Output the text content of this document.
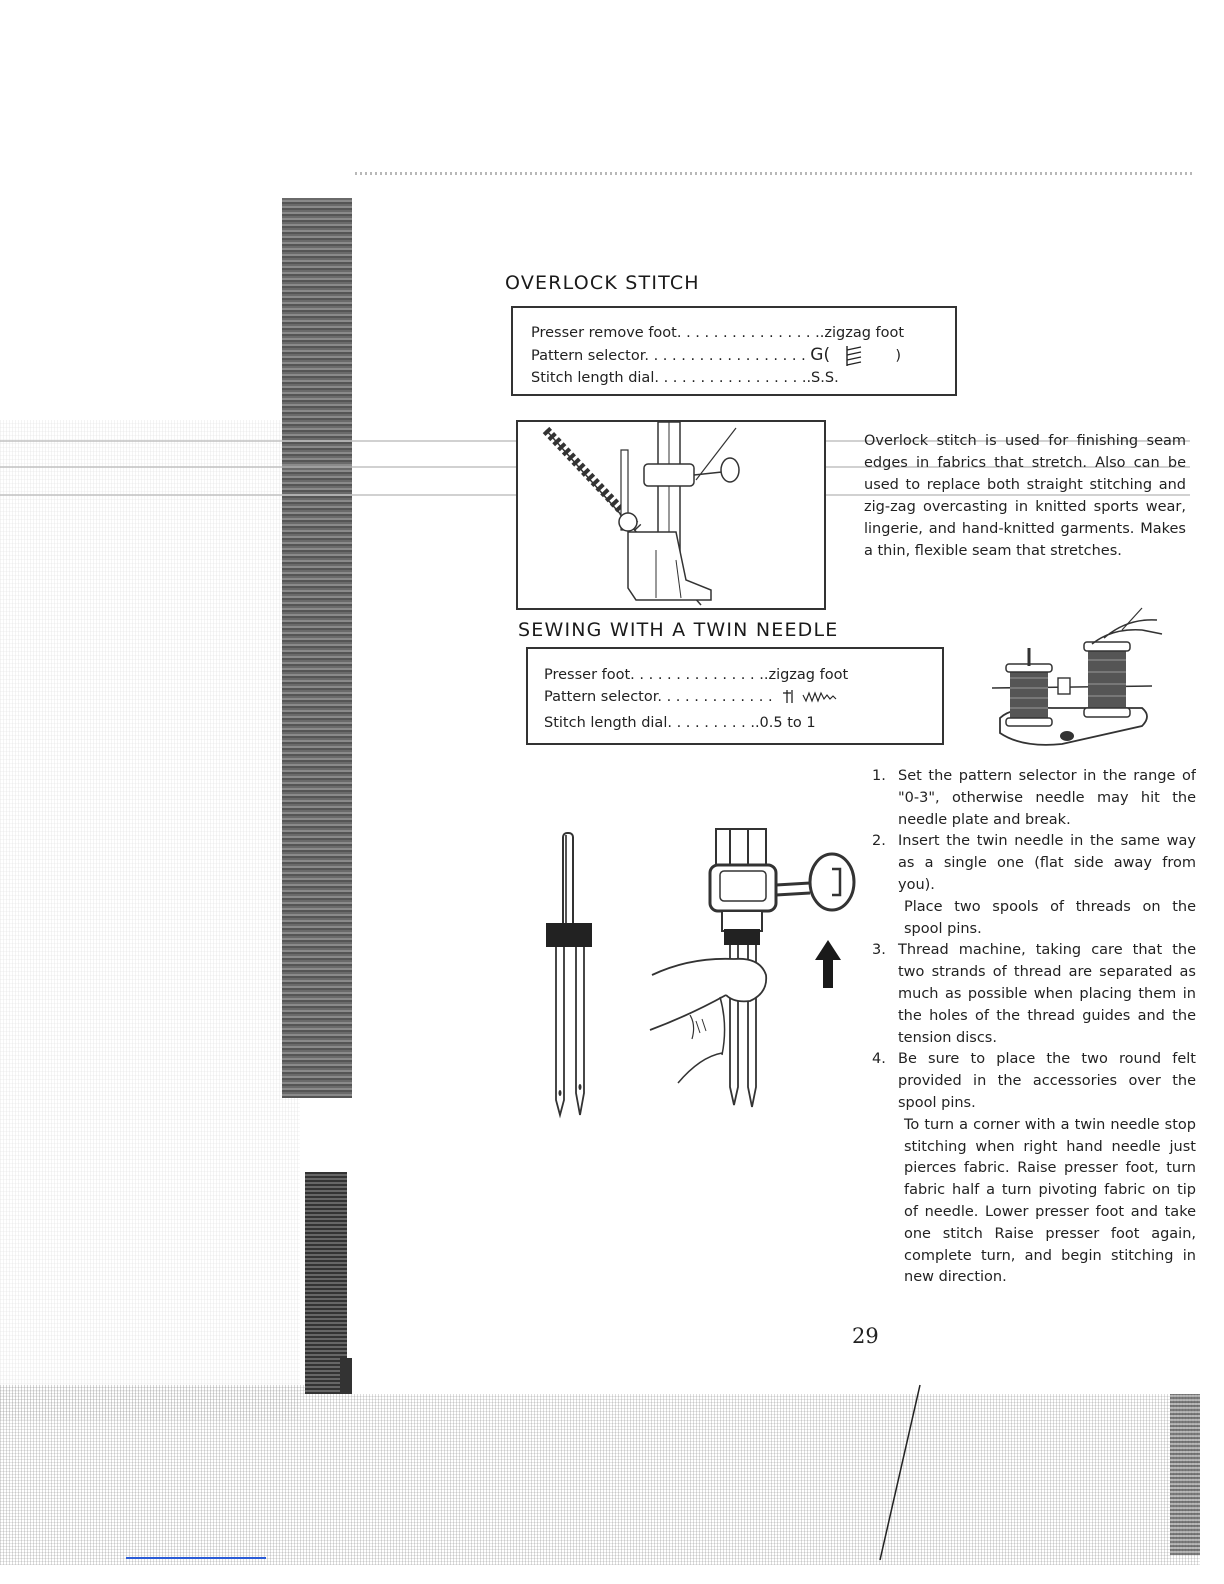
OVERLOCK STITCH
Presser remove foot. . . . . . . . . . . . . . . ..zigzag foot
Pattern selector. . . . . . . . . . . . . . . . . . G(	)
Stitch length dial. . . . . . . . . . . . . . . . ..S.S.
Overlock stitch is used for finishing seam edges in fabrics that stretch. Also can be used to replace both straight stitching and zig-zag overcasting in knitted sports wear, lingerie, and hand-knitted garments. Makes a thin, flexible seam that stretches.
SEWING WITH A TWIN NEEDLE
Presser foot. . . . . . . . . . . . . . ..zigzag foot
Pattern selector. . . . . . . . . . . . .
Stitch length dial. . . . . . . . . ..0.5 to 1
1. Set the pattern selector in the range of "0-3", otherwise needle may hit the needle plate and break.
2. Insert the twin needle in the same way as a single one (flat side away from you).
Place two spools of threads on the spool pins.
3. Thread machine, taking care that the two strands of thread are separated as much as possible when placing them in the holes of the thread guides and the tension discs.
4. Be sure to place the two round felt provided in the accessories over the spool pins.
To turn a corner with a twin needle stop stitching when right hand needle just pierces fabric. Raise presser foot, turn fabric half a turn pivoting fabric on tip of needle. Lower presser foot and take one stitch Raise presser foot again, complete turn, and begin stitching in new direction.
29
